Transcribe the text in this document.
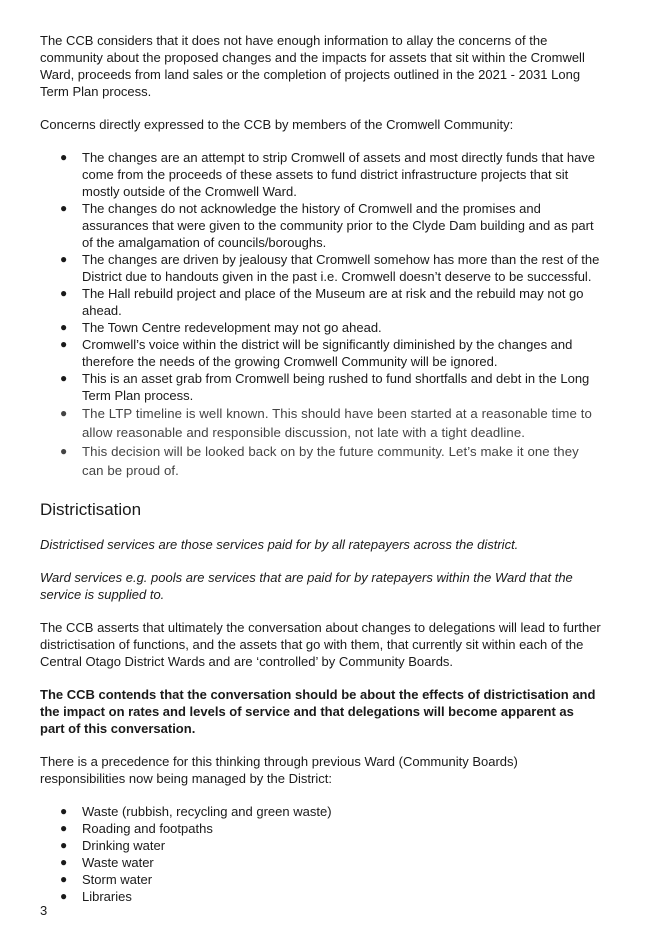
The CCB considers that it does not have enough information to allay the concerns of the community about the proposed changes and the impacts for assets that sit within the Cromwell Ward, proceeds from land sales or the completion of projects outlined in the 2021 - 2031 Long Term Plan process.

Concerns directly expressed to the CCB by members of the Cromwell Community:

● The changes are an attempt to strip Cromwell of assets and most directly funds that have come from the proceeds of these assets to fund district infrastructure projects that sit mostly outside of the Cromwell Ward.
● The changes do not acknowledge the history of Cromwell and the promises and assurances that were given to the community prior to the Clyde Dam building and as part of the amalgamation of councils/boroughs.
● The changes are driven by jealousy that Cromwell somehow has more than the rest of the District due to handouts given in the past i.e. Cromwell doesn’t deserve to be successful.
● The Hall rebuild project and place of the Museum are at risk and the rebuild may not go ahead.
● The Town Centre redevelopment may not go ahead.
● Cromwell’s voice within the district will be significantly diminished by the changes and therefore the needs of the growing Cromwell Community will be ignored.
● This is an asset grab from Cromwell being rushed to fund shortfalls and debt in the Long Term Plan process.
● The LTP timeline is well known. This should have been started at a reasonable time to allow reasonable and responsible discussion, not late with a tight deadline.
● This decision will be looked back on by the future community. Let’s make it one they can be proud of.
Districtisation

Districtised services are those services paid for by all ratepayers across the district.

Ward services e.g. pools are services that are paid for by ratepayers within the Ward that the service is supplied to.

The CCB asserts that ultimately the conversation about changes to delegations will lead to further districtisation of functions, and the assets that go with them, that currently sit within each of the Central Otago District Wards and are ‘controlled’ by Community Boards.

The CCB contends that the conversation should be about the effects of districtisation and the impact on rates and levels of service and that delegations will become apparent as part of this conversation.

There is a precedence for this thinking through previous Ward (Community Boards) responsibilities now being managed by the District:

● Waste (rubbish, recycling and green waste)
● Roading and footpaths
● Drinking water
● Waste water
● Storm water
● Libraries
3
